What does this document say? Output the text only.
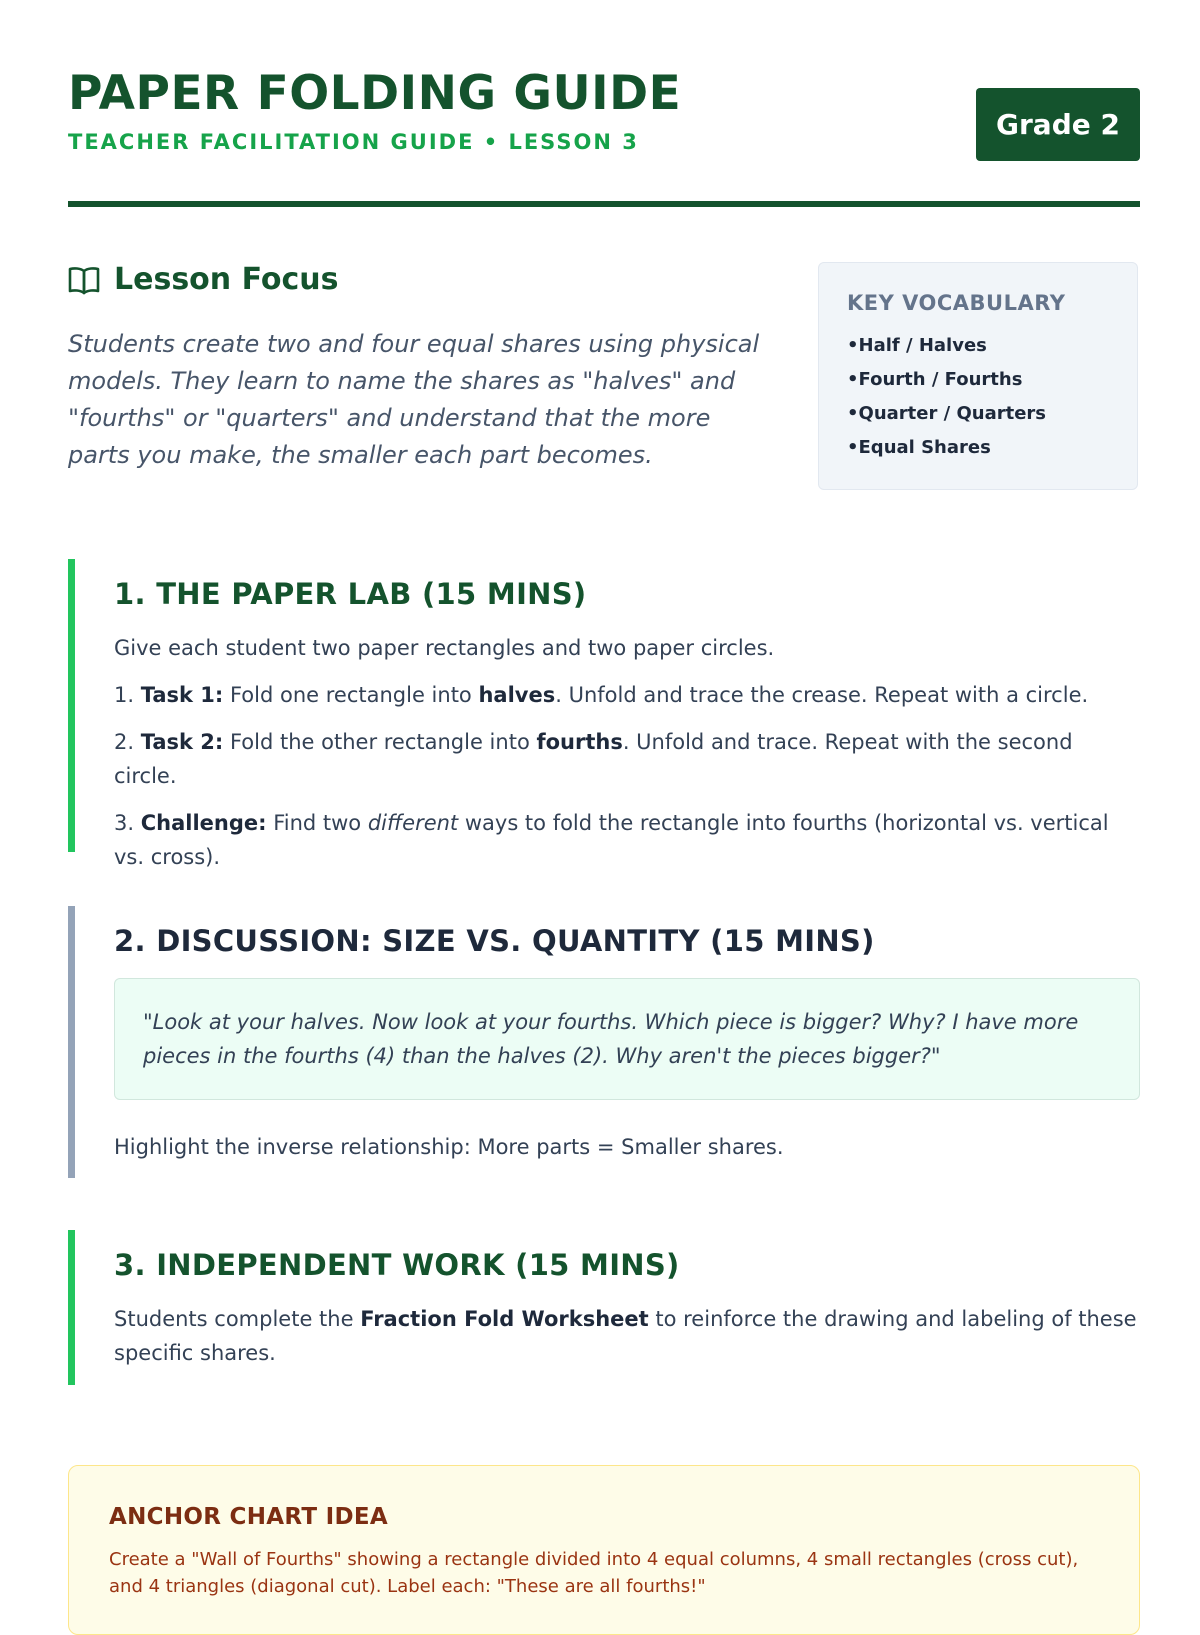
PAPER FOLDING GUIDE
TEACHER FACILITATION GUIDE • LESSON 3
Grade 2
Lesson Focus

Students create two and four equal shares using physical models. They learn to name the shares as "halves" and "fourths" or "quarters" and understand that the more parts you make, the smaller each part becomes.

KEY VOCABULARY
• Half / Halves
• Fourth / Fourths
• Quarter / Quarters
• Equal Shares
1. THE PAPER LAB (15 MINS)

Give each student two paper rectangles and two paper circles.

1. Task 1: Fold one rectangle into halves. Unfold and trace the crease. Repeat with a circle.

2. Task 2: Fold the other rectangle into fourths. Unfold and trace. Repeat with the second circle.

3. Challenge: Find two different ways to fold the rectangle into fourths (horizontal vs. vertical vs. cross).

2. DISCUSSION: SIZE VS. QUANTITY (15 MINS)
"Look at your halves. Now look at your fourths. Which piece is bigger? Why? I have more pieces in the fourths (4) than the halves (2). Why aren't the pieces bigger?"

Highlight the inverse relationship: More parts = Smaller shares.

3. INDEPENDENT WORK (15 MINS)

Students complete the Fraction Fold Worksheet to reinforce the drawing and labeling of these specific shares.

ANCHOR CHART IDEA

Create a "Wall of Fourths" showing a rectangle divided into 4 equal columns, 4 small rectangles (cross cut), and 4 triangles (diagonal cut). Label each: "These are all fourths!"
